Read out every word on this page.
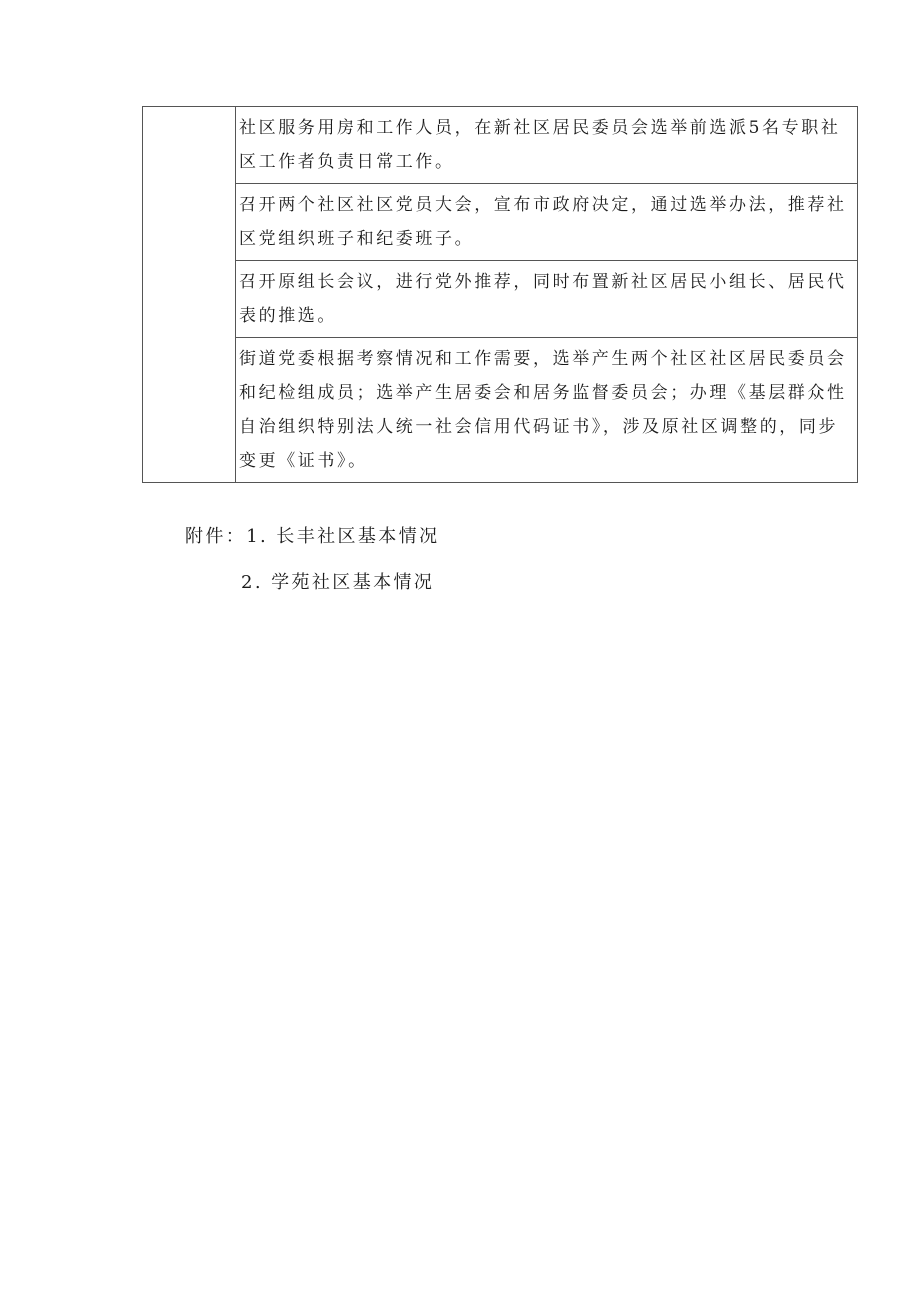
	社区服务用房和工作人员，在新社区居民委员会选举前选派5名专职社区工作者负责日常工作。
召开两个社区社区党员大会，宣布市政府决定，通过选举办法，推荐社区党组织班子和纪委班子。
召开原组长会议，进行党外推荐，同时布置新社区居民小组长、居民代表的推选。
街道党委根据考察情况和工作需要，选举产生两个社区社区居民委员会和纪检组成员；选举产生居委会和居务监督委员会；办理《基层群众性自治组织特别法人统一社会信用代码证书》，涉及原社区调整的，同步变更《证书》。
附件：1. 长丰社区基本情况
2. 学苑社区基本情况
